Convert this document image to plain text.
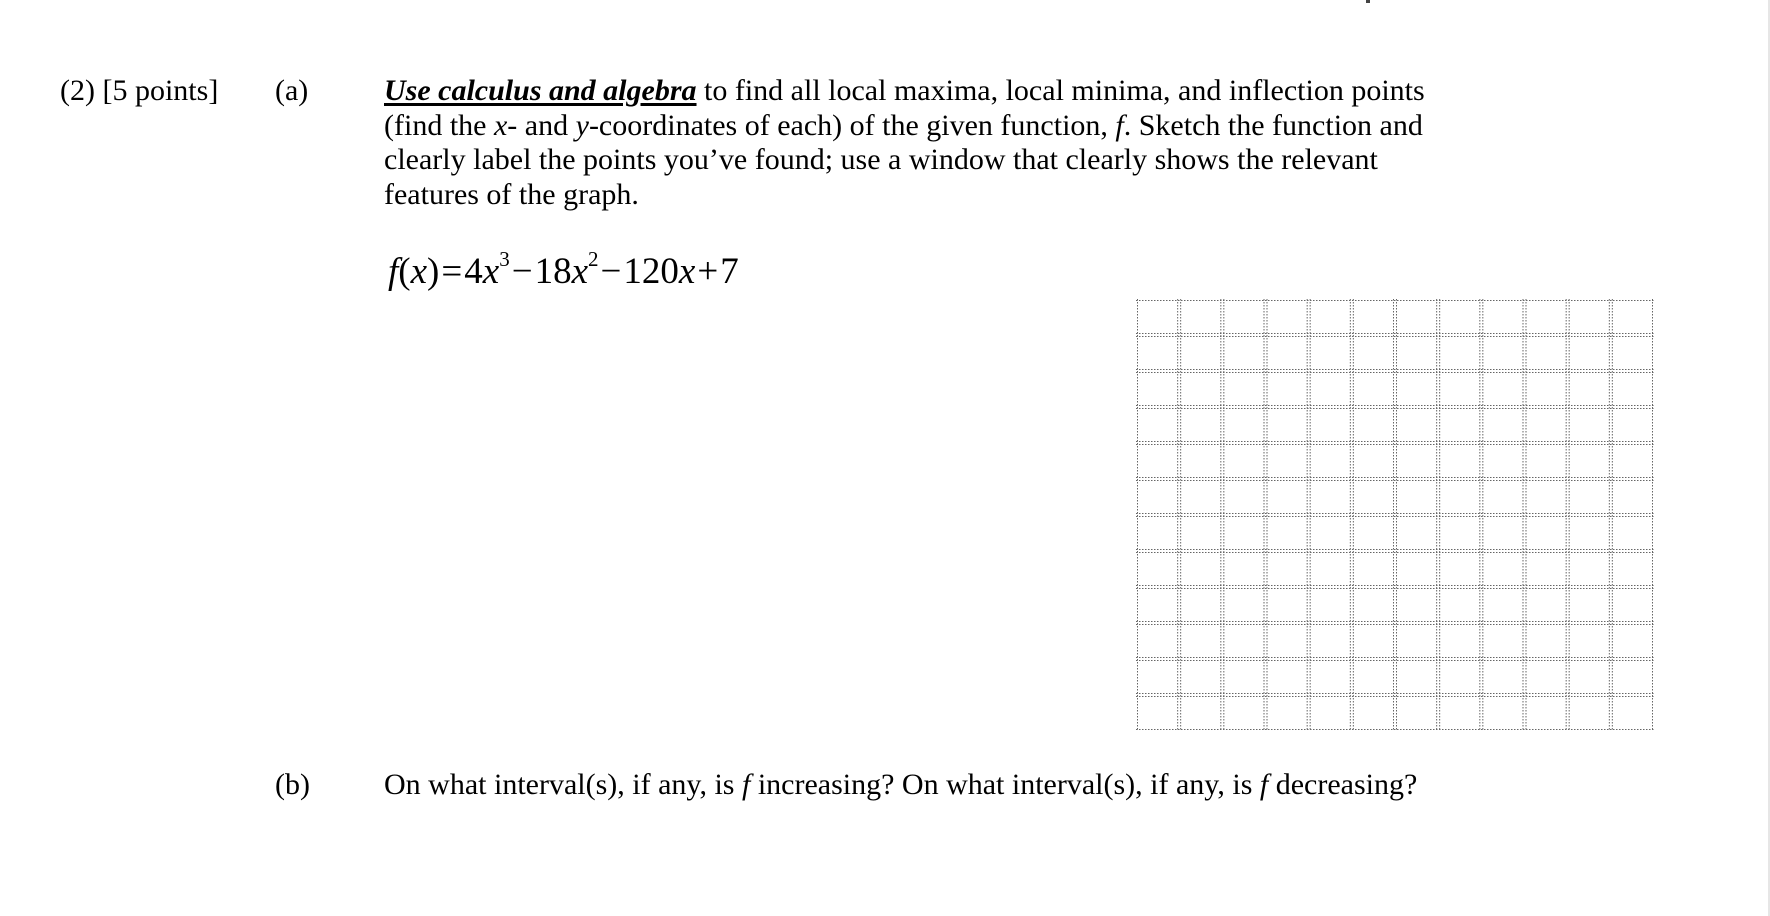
(2) [5 points] (a)	Use calculus and algebra to find all local maxima, local minima, and inflection points (find the x- and y-coordinates of each) of the given function, f. Sketch the function and clearly label the points you’ve found; use a window that clearly shows the relevant features of the graph.
$f(x)=4x^3-18x^2-120x+7$
(b) On what interval(s), if any, is f increasing? On what interval(s), if any, is f decreasing?
